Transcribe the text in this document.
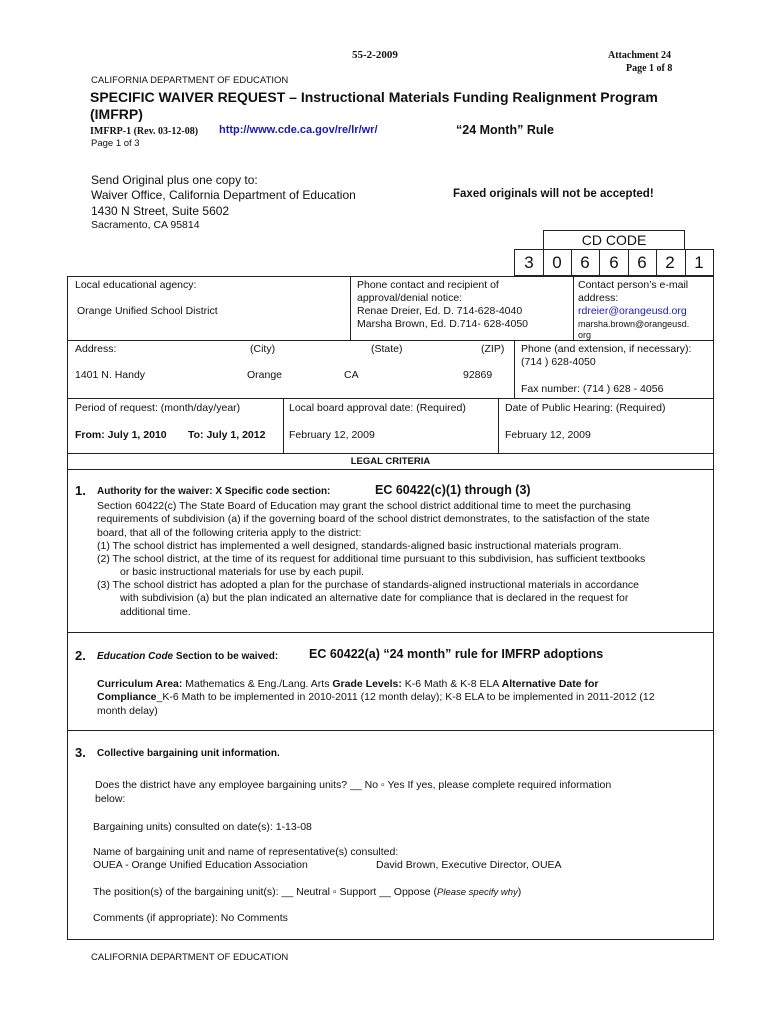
55-2-2009	Attachment 24
Page 1 of 8
CALIFORNIA DEPARTMENT OF EDUCATION
SPECIFIC WAIVER REQUEST – Instructional Materials Funding Realignment Program
(IMFRP)
IMFRP-1 (Rev. 03-12-08) http://www.cde.ca.gov/re/lr/wr/	“24 Month” Rule
Page 1 of 3
Send Original plus one copy to:
Waiver Office, California Department of Education
1430 N Street, Suite 5602
Sacramento, CA 95814
Faxed originals will not be accepted!
CD CODE
3	0	6	6	6	2	1
Local educational agency:
Orange Unified School District
Phone contact and recipient of
approval/denial notice:
Renae Dreier, Ed. D. 714-628-4040
Marsha Brown, Ed. D.714- 628-4050
Contact person’s e-mail
address:
rdreier@orangeusd.org
marsha.brown@orangeusd.
org
Address:	(City)	(State)	(ZIP)
1401 N. Handy	Orange	CA	92869
Phone (and extension, if necessary):
(714 ) 628-4050
Fax number: (714 ) 628 - 4056
Period of request: (month/day/year)
From: July 1, 2010 To: July 1, 2012
Local board approval date: (Required)
February 12, 2009
Date of Public Hearing: (Required)
February 12, 2009
LEGAL CRITERIA
1. Authority for the waiver: X Specific code section:	EC 60422(c)(1) through (3)
Section 60422(c) The State Board of Education may grant the school district additional time to meet the purchasing
requirements of subdivision (a) if the governing board of the school district demonstrates, to the satisfaction of the state
board, that all of the following criteria apply to the district:
(1) The school district has implemented a well designed, standards-aligned basic instructional materials program.
(2) The school district, at the time of its request for additional time pursuant to this subdivision, has sufficient textbooks
or basic instructional materials for use by each pupil.
(3) The school district has adopted a plan for the purchase of standards-aligned instructional materials in accordance
with subdivision (a) but the plan indicated an alternative date for compliance that is declared in the request for
additional time.
2. Education Code Section to be waived: EC 60422(a) “24 month” rule for IMFRP adoptions
Curriculum Area: Mathematics & Eng./Lang. Arts Grade Levels: K-6 Math & K-8 ELA Alternative Date for
Compliance_K-6 Math to be implemented in 2010-2011 (12 month delay); K-8 ELA to be implemented in 2011-2012 (12
month delay)
3. Collective bargaining unit information.
Does the district have any employee bargaining units? __ No ▫ Yes If yes, please complete required information
below:
Bargaining units) consulted on date(s): 1-13-08
Name of bargaining unit and name of representative(s) consulted:
OUEA - Orange Unified Education Association	David Brown, Executive Director, OUEA
The position(s) of the bargaining unit(s): __ Neutral ▫ Support __ Oppose (Please specify why)
Comments (if appropriate): No Comments
CALIFORNIA DEPARTMENT OF EDUCATION
